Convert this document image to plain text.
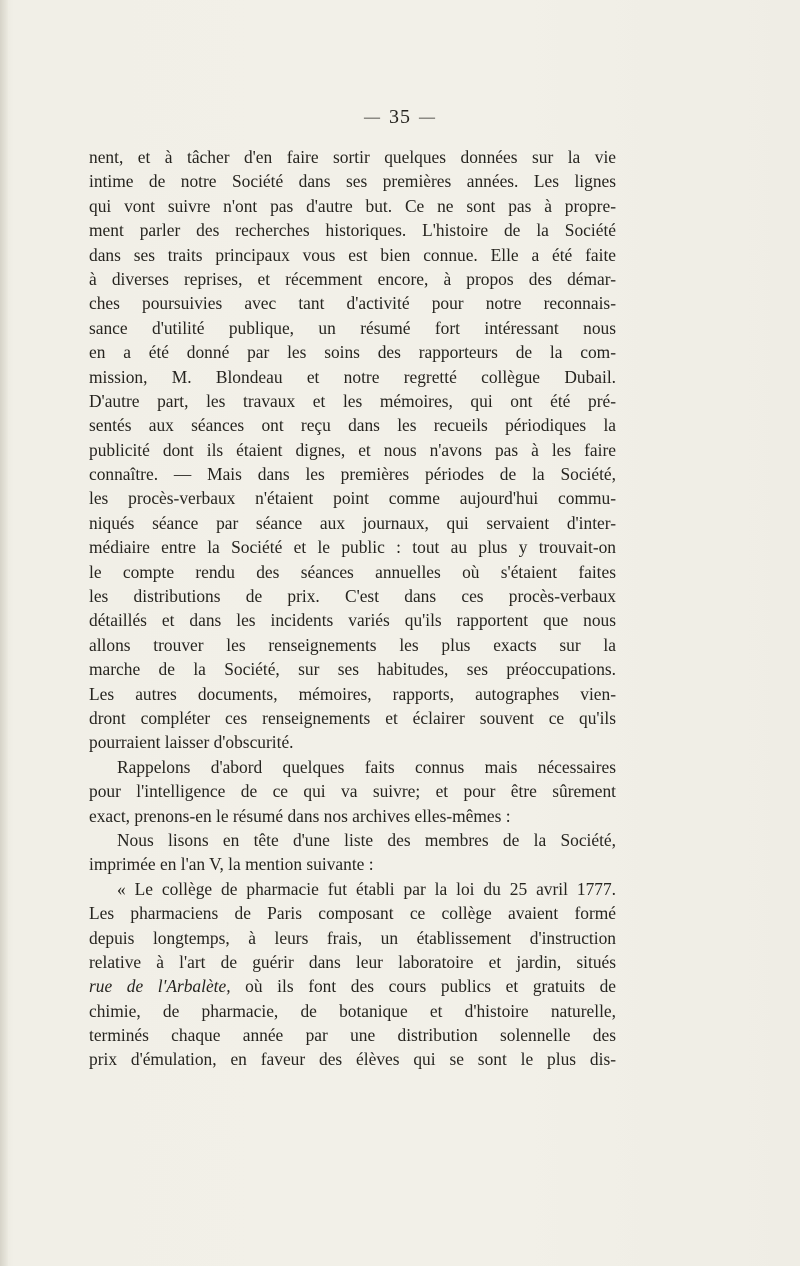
— 35 —
nent, et à tâcher d'en faire sortir quelques données sur la vie
intime de notre Société dans ses premières années. Les lignes
qui vont suivre n'ont pas d'autre but. Ce ne sont pas à propre-
ment parler des recherches historiques. L'histoire de la Société
dans ses traits principaux vous est bien connue. Elle a été faite
à diverses reprises, et récemment encore, à propos des démar-
ches poursuivies avec tant d'activité pour notre reconnais-
sance d'utilité publique, un résumé fort intéressant nous
en a été donné par les soins des rapporteurs de la com-
mission, M. Blondeau et notre regretté collègue Dubail.
D'autre part, les travaux et les mémoires, qui ont été pré-
sentés aux séances ont reçu dans les recueils périodiques la
publicité dont ils étaient dignes, et nous n'avons pas à les faire
connaître. — Mais dans les premières périodes de la Société,
les procès-verbaux n'étaient point comme aujourd'hui commu-
niqués séance par séance aux journaux, qui servaient d'inter-
médiaire entre la Société et le public : tout au plus y trouvait-on
le compte rendu des séances annuelles où s'étaient faites
les distributions de prix. C'est dans ces procès-verbaux
détaillés et dans les incidents variés qu'ils rapportent que nous
allons trouver les renseignements les plus exacts sur la
marche de la Société, sur ses habitudes, ses préoccupations.
Les autres documents, mémoires, rapports, autographes vien-
dront compléter ces renseignements et éclairer souvent ce qu'ils
pourraient laisser d'obscurité.
Rappelons d'abord quelques faits connus mais nécessaires
pour l'intelligence de ce qui va suivre; et pour être sûrement
exact, prenons-en le résumé dans nos archives elles-mêmes :
Nous lisons en tête d'une liste des membres de la Société,
imprimée en l'an V, la mention suivante :
« Le collège de pharmacie fut établi par la loi du 25 avril 1777.
Les pharmaciens de Paris composant ce collège avaient formé
depuis longtemps, à leurs frais, un établissement d'instruction
relative à l'art de guérir dans leur laboratoire et jardin, situés
rue de l'Arbalète, où ils font des cours publics et gratuits de
chimie, de pharmacie, de botanique et d'histoire naturelle,
terminés chaque année par une distribution solennelle des
prix d'émulation, en faveur des élèves qui se sont le plus dis-
